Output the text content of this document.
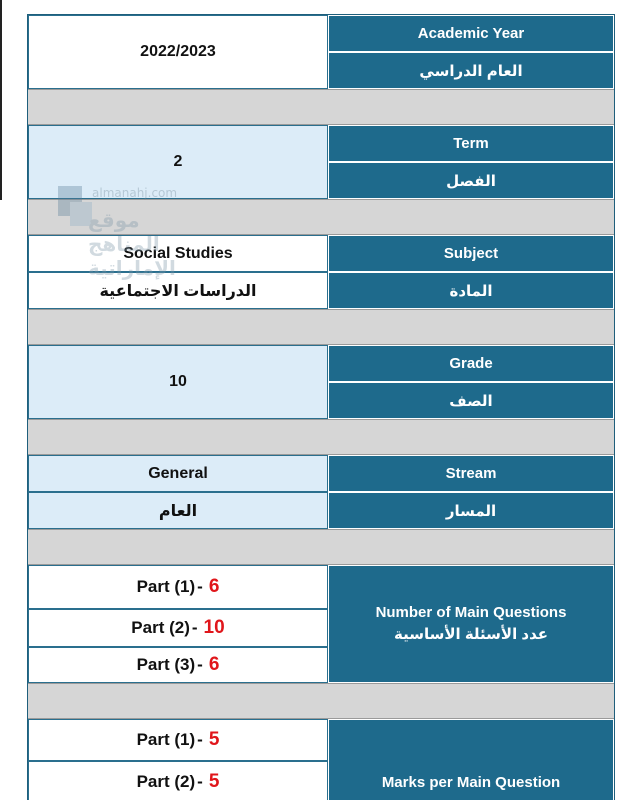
2022/2023
Academic Year
العام الدراسي
2
Term
الفصل
Social Studies
الدراسات الاجتماعية
Subject
المادة
10
Grade
الصف
General
العام
Stream
المسار
Part (1) - 6
Part (2) - 10
Part (3) - 6
Number of Main Questions
عدد الأسئلة الأساسية
Part (1) - 5
Part (2) - 5	Marks per Main Question
almanahj.com
موقع المناهج الإماراتية
